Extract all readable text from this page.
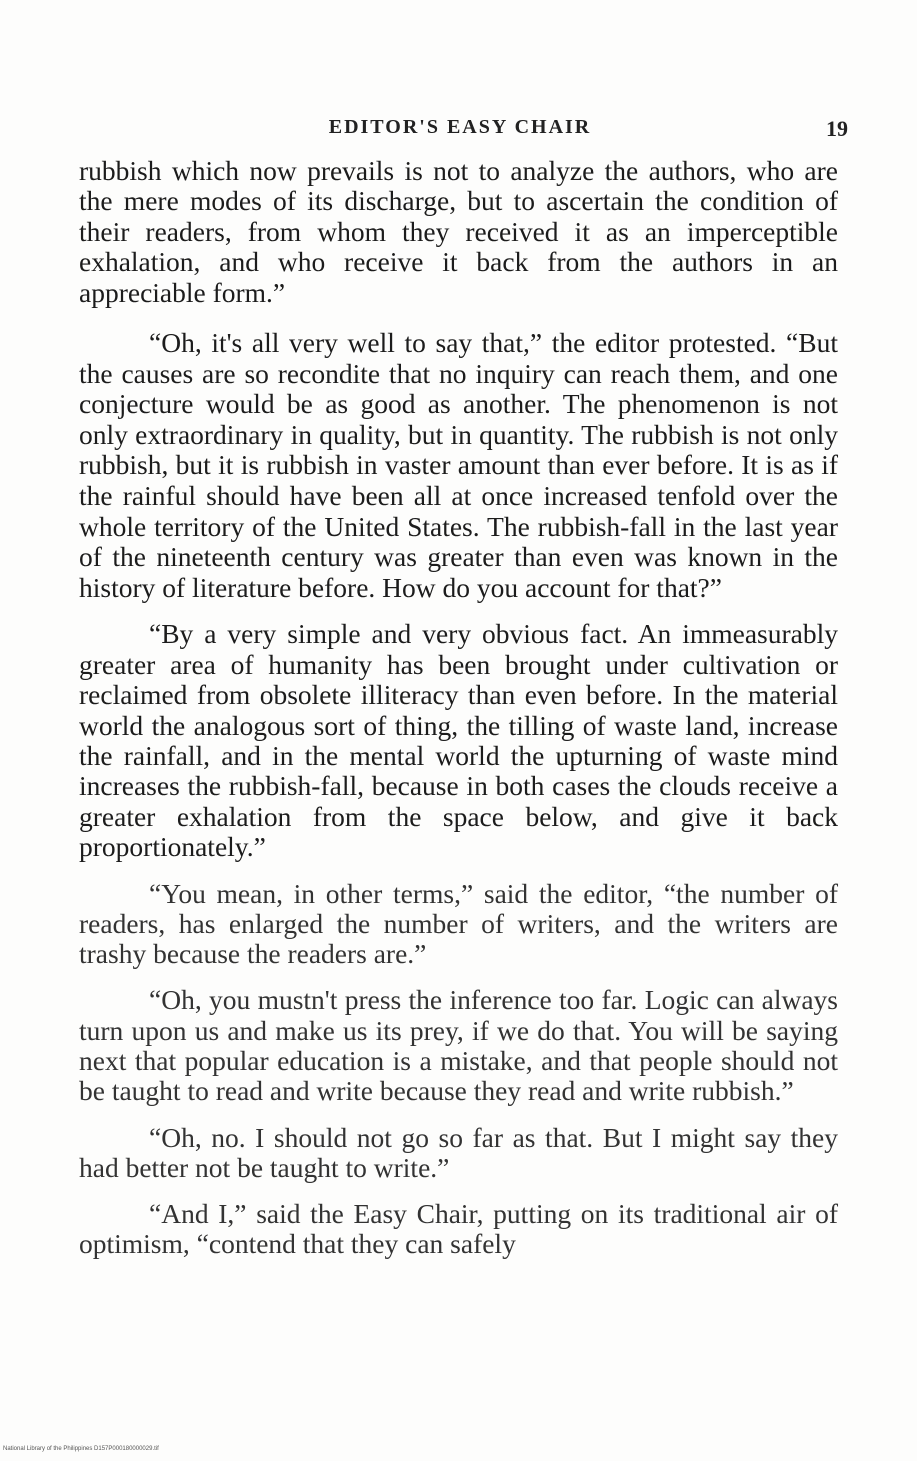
EDITOR'S EASY CHAIR	19

rubbish which now prevails is not to analyze the authors, who are the mere modes of its discharge, but to ascertain the condition of their readers, from whom they received it as an imperceptible exhalation, and who receive it back from the authors in an appreciable form.”

“Oh, it's all very well to say that,” the editor protested. “But the causes are so recondite that no inquiry can reach them, and one conjecture would be as good as another. The phenomenon is not only extraordinary in quality, but in quantity. The rubbish is not only rubbish, but it is rubbish in vaster amount than ever before. It is as if the rainful should have been all at once increased tenfold over the whole territory of the United States. The rubbish-fall in the last year of the nineteenth century was greater than even was known in the history of literature before. How do you account for that?”

“By a very simple and very obvious fact. An immeasurably greater area of humanity has been brought under cultivation or reclaimed from obsolete illiteracy than even before. In the material world the analogous sort of thing, the tilling of waste land, increase the rainfall, and in the mental world the upturning of waste mind increases the rubbish-fall, because in both cases the clouds receive a greater exhalation from the space below, and give it back proportionately.”

“You mean, in other terms,” said the editor, “the number of readers, has enlarged the number of writers, and the writers are trashy because the readers are.”

“Oh, you mustn't press the inference too far. Logic can always turn upon us and make us its prey, if we do that. You will be saying next that popular education is a mistake, and that people should not be taught to read and write because they read and write rubbish.”

“Oh, no. I should not go so far as that. But I might say they had better not be taught to write.”

“And I,” said the Easy Chair, putting on its traditional air of optimism, “contend that they can safely

National Library of the Philippines D157P000180000029.tif
